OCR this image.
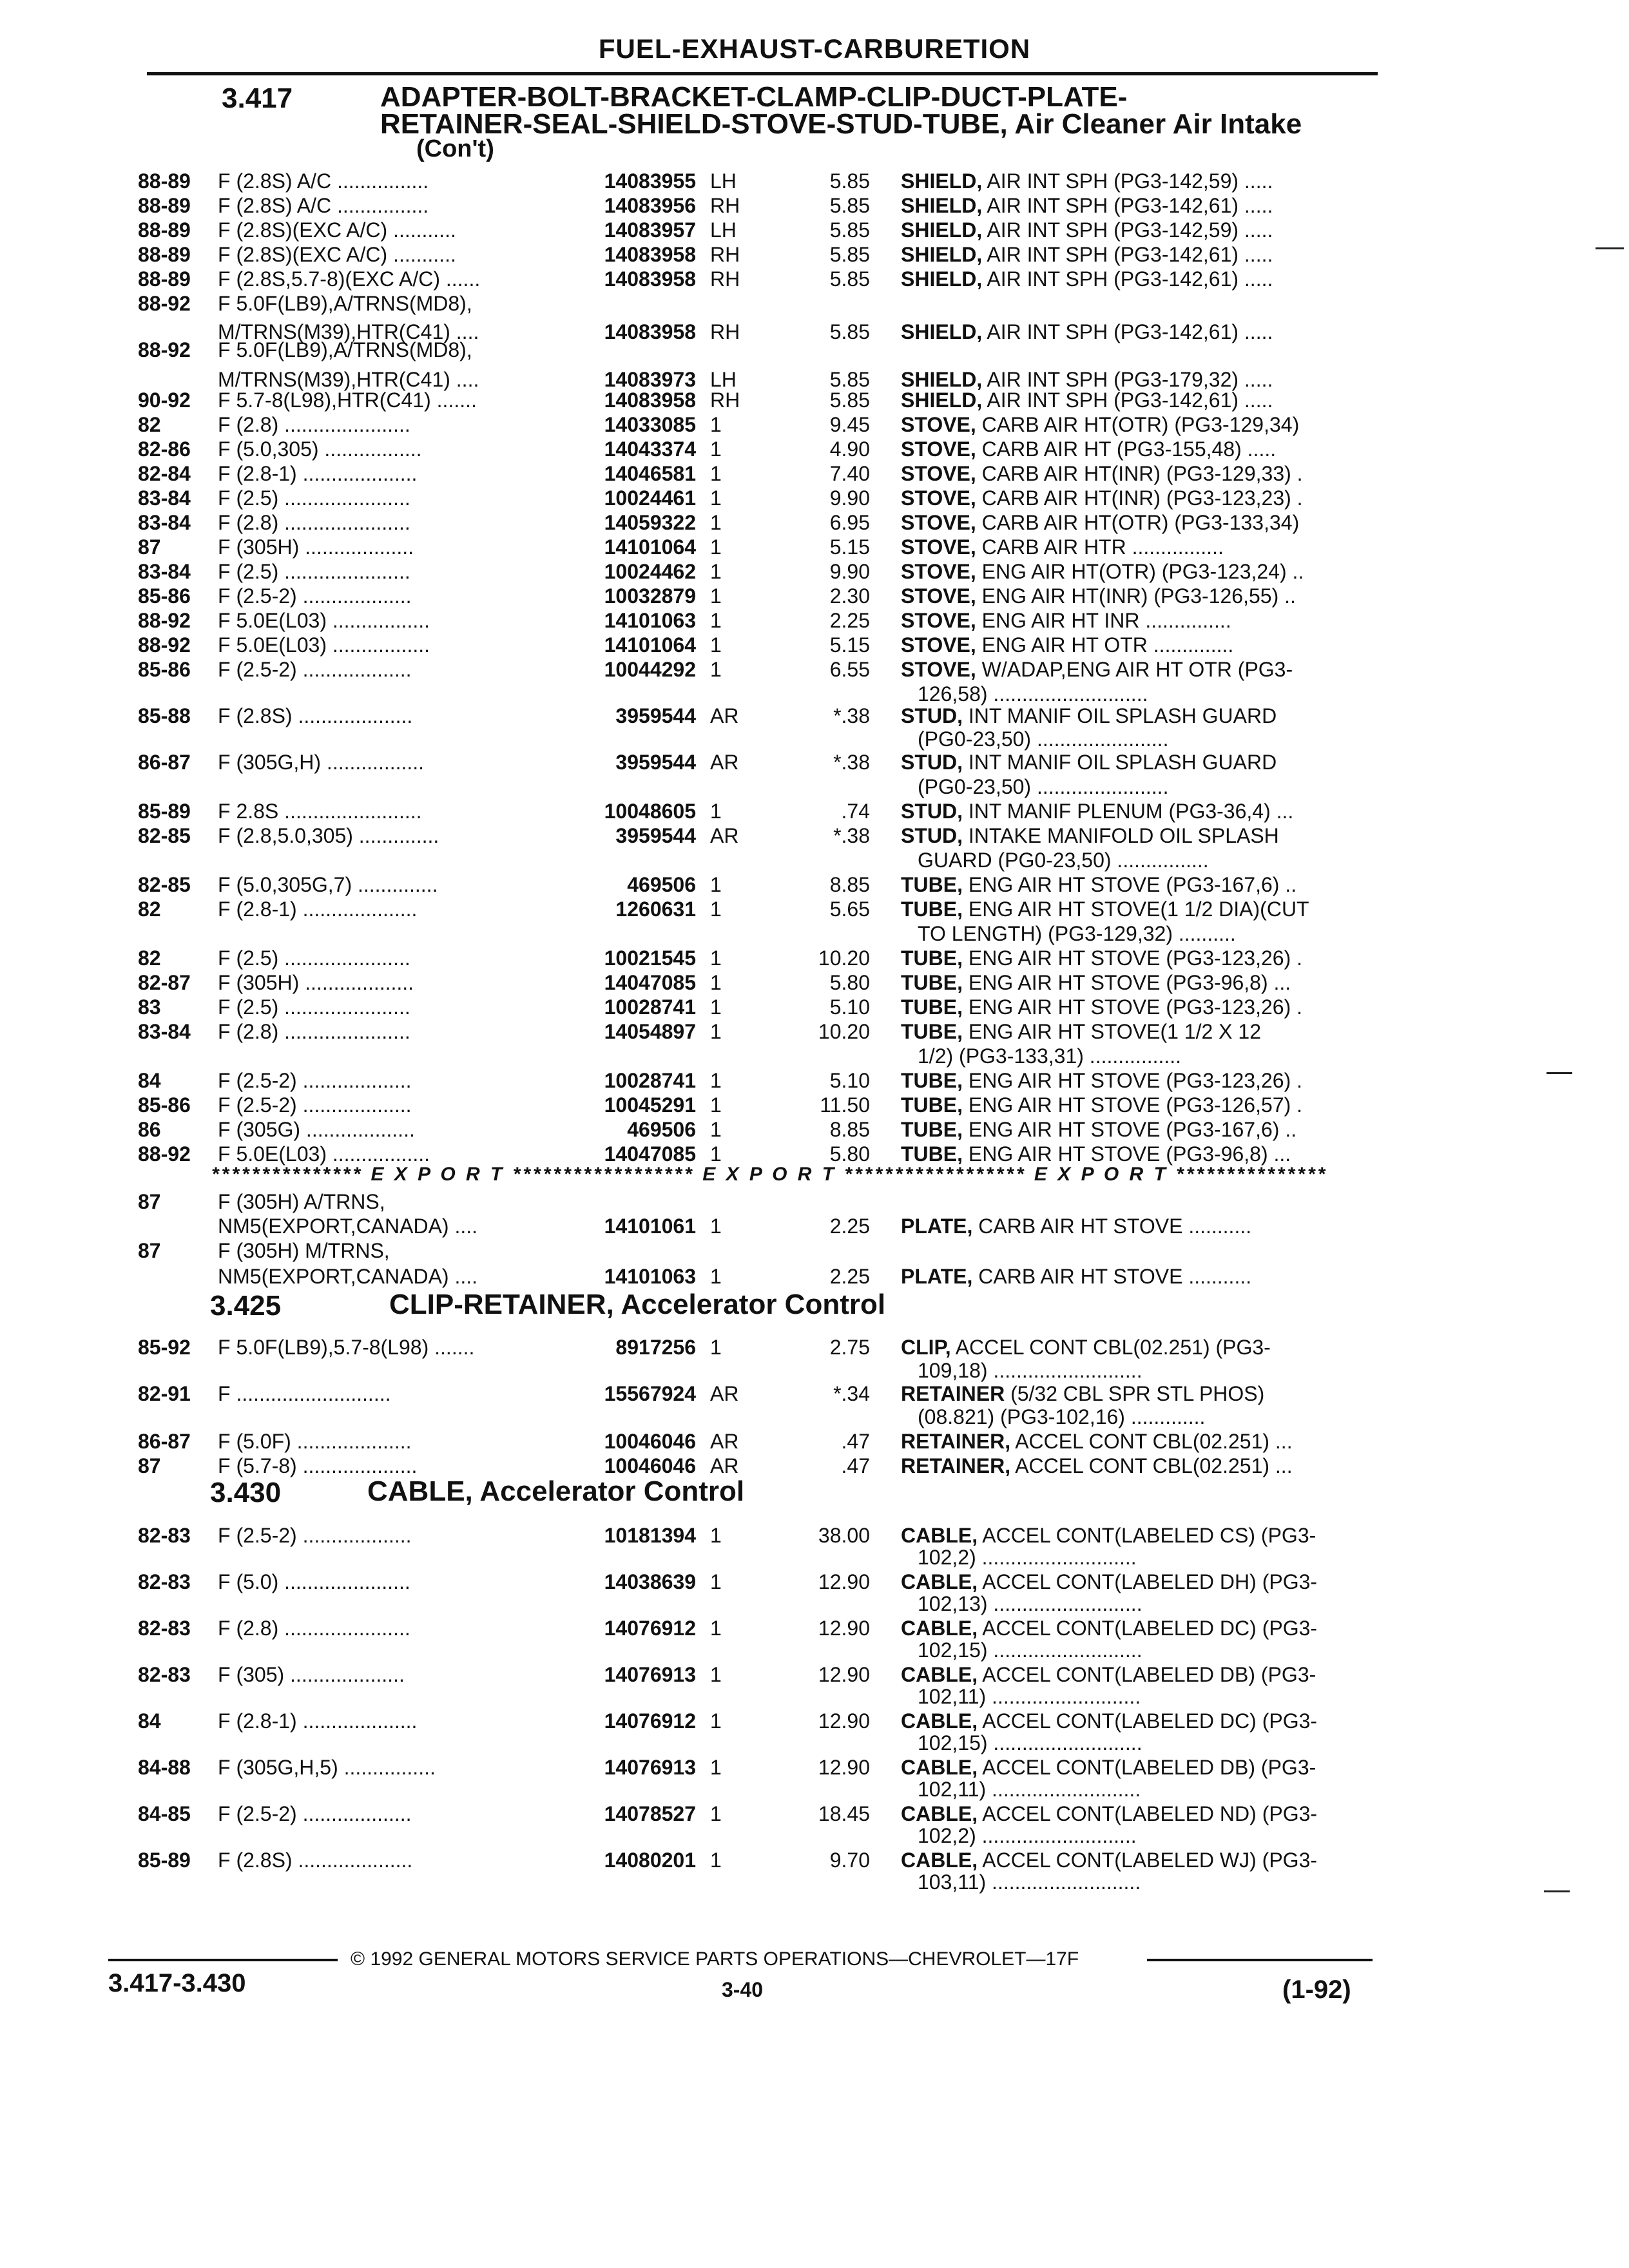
FUEL-EXHAUST-CARBURETION
3.417	ADAPTER-BOLT-BRACKET-CLAMP-CLIP-DUCT-PLATE-
RETAINER-SEAL-SHIELD-STOVE-STUD-TUBE, Air Cleaner Air Intake
(Con't)
3.425	CLIP-RETAINER, Accelerator Control
3.430	CABLE, Accelerator Control
*************** E X P O R T ****************** E X P O R T ****************** E X P O R T ***************
88-89 F (2.8S) A/C ................	14083955 LH	5.85 SHIELD, AIR INT SPH (PG3-142,59) .....
88-89 F (2.8S) A/C ................	14083956 RH	5.85 SHIELD, AIR INT SPH (PG3-142,61) .....
88-89 F (2.8S)(EXC A/C) ...........	14083957 LH	5.85 SHIELD, AIR INT SPH (PG3-142,59) .....
88-89 F (2.8S)(EXC A/C) ...........	14083958 RH	5.85 SHIELD, AIR INT SPH (PG3-142,61) .....
88-89 F (2.8S,5.7-8)(EXC A/C) ......	14083958 RH	5.85 SHIELD, AIR INT SPH (PG3-142,61) .....
88-92 F 5.0F(LB9),A/TRNS(MD8),
M/TRNS(M39),HTR(C41) ....	14083958 RH	5.85 SHIELD, AIR INT SPH (PG3-142,61) .....
88-92 F 5.0F(LB9),A/TRNS(MD8),
M/TRNS(M39),HTR(C41) ....	14083973 LH	5.85 SHIELD, AIR INT SPH (PG3-179,32) .....
90-92 F 5.7-8(L98),HTR(C41) .......	14083958 RH	5.85 SHIELD, AIR INT SPH (PG3-142,61) .....
82	F (2.8) ......................	14033085 1	9.45 STOVE, CARB AIR HT(OTR) (PG3-129,34)
82-86 F (5.0,305) .................	14043374 1	4.90 STOVE, CARB AIR HT (PG3-155,48) .....
82-84 F (2.8-1) ....................	14046581 1	7.40 STOVE, CARB AIR HT(INR) (PG3-129,33) .
83-84 F (2.5) ......................	10024461 1	9.90 STOVE, CARB AIR HT(INR) (PG3-123,23) .
83-84 F (2.8) ......................	14059322 1	6.95 STOVE, CARB AIR HT(OTR) (PG3-133,34)
87	F (305H) ...................	14101064 1	5.15 STOVE, CARB AIR HTR ................
83-84 F (2.5) ......................	10024462 1	9.90 STOVE, ENG AIR HT(OTR) (PG3-123,24) ..
85-86 F (2.5-2) ...................	10032879 1	2.30 STOVE, ENG AIR HT(INR) (PG3-126,55) ..
88-92 F 5.0E(L03) .................	14101063 1	2.25 STOVE, ENG AIR HT INR ...............
88-92 F 5.0E(L03) .................	14101064 1	5.15 STOVE, ENG AIR HT OTR ..............
85-86 F (2.5-2) ...................	10044292 1	6.55 STOVE, W/ADAP,ENG AIR HT OTR (PG3-
126,58) ...........................
85-88 F (2.8S) ....................	3959544 AR	*.38 STUD, INT MANIF OIL SPLASH GUARD
(PG0-23,50) .......................
86-87 F (305G,H) .................	3959544 AR	*.38 STUD, INT MANIF OIL SPLASH GUARD
(PG0-23,50) .......................
85-89 F 2.8S ........................	10048605 1	.74 STUD, INT MANIF PLENUM (PG3-36,4) ...
82-85 F (2.8,5.0,305) ..............	3959544 AR	*.38 STUD, INTAKE MANIFOLD OIL SPLASH
GUARD (PG0-23,50) ................
82-85 F (5.0,305G,7) ..............	469506 1	8.85 TUBE, ENG AIR HT STOVE (PG3-167,6) ..
82	F (2.8-1) ....................	1260631 1	5.65 TUBE, ENG AIR HT STOVE(1 1/2 DIA)(CUT
TO LENGTH) (PG3-129,32) ..........
82	F (2.5) ......................	10021545 1	10.20 TUBE, ENG AIR HT STOVE (PG3-123,26) .
82-87 F (305H) ...................	14047085 1	5.80 TUBE, ENG AIR HT STOVE (PG3-96,8) ...
83	F (2.5) ......................	10028741 1	5.10 TUBE, ENG AIR HT STOVE (PG3-123,26) .
83-84 F (2.8) ......................	14054897 1	10.20 TUBE, ENG AIR HT STOVE(1 1/2 X 12
1/2) (PG3-133,31) ................
84	F (2.5-2) ...................	10028741 1	5.10 TUBE, ENG AIR HT STOVE (PG3-123,26) .
85-86 F (2.5-2) ...................	10045291 1	11.50 TUBE, ENG AIR HT STOVE (PG3-126,57) .
86	F (305G) ...................	469506 1	8.85 TUBE, ENG AIR HT STOVE (PG3-167,6) ..
88-92 F 5.0E(L03) .................	14047085 1	5.80 TUBE, ENG AIR HT STOVE (PG3-96,8) ...
87	F (305H) A/TRNS,
NM5(EXPORT,CANADA) ....	14101061 1	2.25 PLATE, CARB AIR HT STOVE ...........
87	F (305H) M/TRNS,
NM5(EXPORT,CANADA) ....	14101063 1	2.25 PLATE, CARB AIR HT STOVE ...........
85-92 F 5.0F(LB9),5.7-8(L98) .......	8917256 1	2.75 CLIP, ACCEL CONT CBL(02.251) (PG3-
109,18) ..........................
82-91 F ...........................	15567924 AR	*.34 RETAINER (5/32 CBL SPR STL PHOS)
(08.821) (PG3-102,16) .............
86-87 F (5.0F) ....................	10046046 AR	.47 RETAINER, ACCEL CONT CBL(02.251) ...
87	F (5.7-8) ....................	10046046 AR	.47 RETAINER, ACCEL CONT CBL(02.251) ...
82-83 F (2.5-2) ...................	10181394 1	38.00 CABLE, ACCEL CONT(LABELED CS) (PG3-
102,2) ...........................
82-83 F (5.0) ......................	14038639 1	12.90 CABLE, ACCEL CONT(LABELED DH) (PG3-
102,13) ..........................
82-83 F (2.8) ......................	14076912 1	12.90 CABLE, ACCEL CONT(LABELED DC) (PG3-
102,15) ..........................
82-83 F (305) ....................	14076913 1	12.90 CABLE, ACCEL CONT(LABELED DB) (PG3-
102,11) ..........................
84	F (2.8-1) ....................	14076912 1	12.90 CABLE, ACCEL CONT(LABELED DC) (PG3-
102,15) ..........................
84-88 F (305G,H,5) ................	14076913 1	12.90 CABLE, ACCEL CONT(LABELED DB) (PG3-
102,11) ..........................
84-85 F (2.5-2) ...................	14078527 1	18.45 CABLE, ACCEL CONT(LABELED ND) (PG3-
102,2) ...........................
85-89 F (2.8S) ....................	14080201 1	9.70 CABLE, ACCEL CONT(LABELED WJ) (PG3-
103,11) ..........................
© 1992 GENERAL MOTORS SERVICE PARTS OPERATIONS—CHEVROLET—17F
3.417-3.430	3-40	(1-92)
